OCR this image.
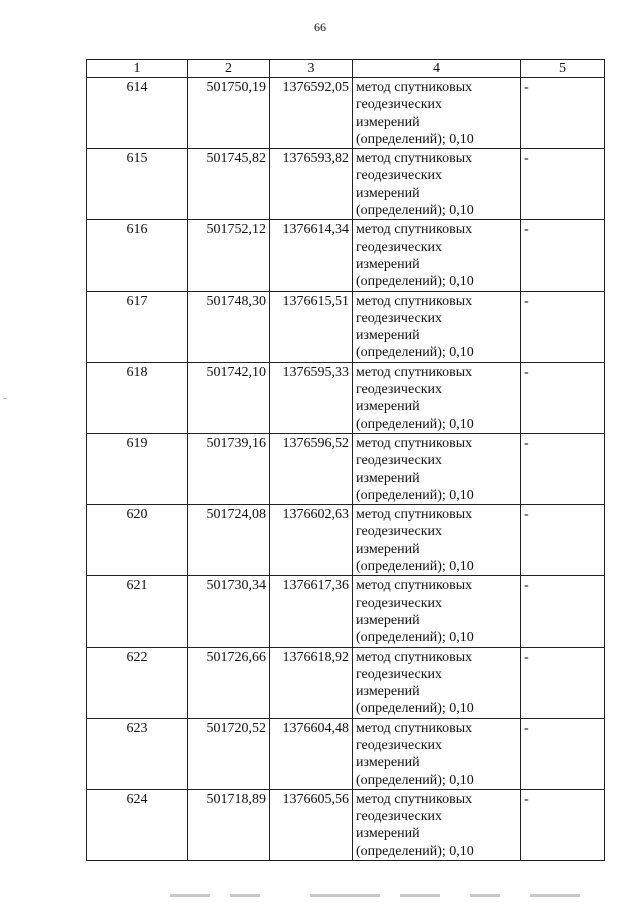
66
1	2	3	4	5
614	501750,19	1376592,05	метод спутниковых
геодезических
измерений
(определений); 0,10	-
615	501745,82	1376593,82	метод спутниковых
геодезических
измерений
(определений); 0,10	-
616	501752,12	1376614,34	метод спутниковых
геодезических
измерений
(определений); 0,10	-
617	501748,30	1376615,51	метод спутниковых
геодезических
измерений
(определений); 0,10	-
618	501742,10	1376595,33	метод спутниковых
геодезических
измерений
(определений); 0,10	-
619	501739,16	1376596,52	метод спутниковых
геодезических
измерений
(определений); 0,10	-
620	501724,08	1376602,63	метод спутниковых
геодезических
измерений
(определений); 0,10	-
621	501730,34	1376617,36	метод спутниковых
геодезических
измерений
(определений); 0,10	-
622	501726,66	1376618,92	метод спутниковых
геодезических
измерений
(определений); 0,10	-
623	501720,52	1376604,48	метод спутниковых
геодезических
измерений
(определений); 0,10	-
624	501718,89	1376605,56	метод спутниковых
геодезических
измерений
(определений); 0,10	-
